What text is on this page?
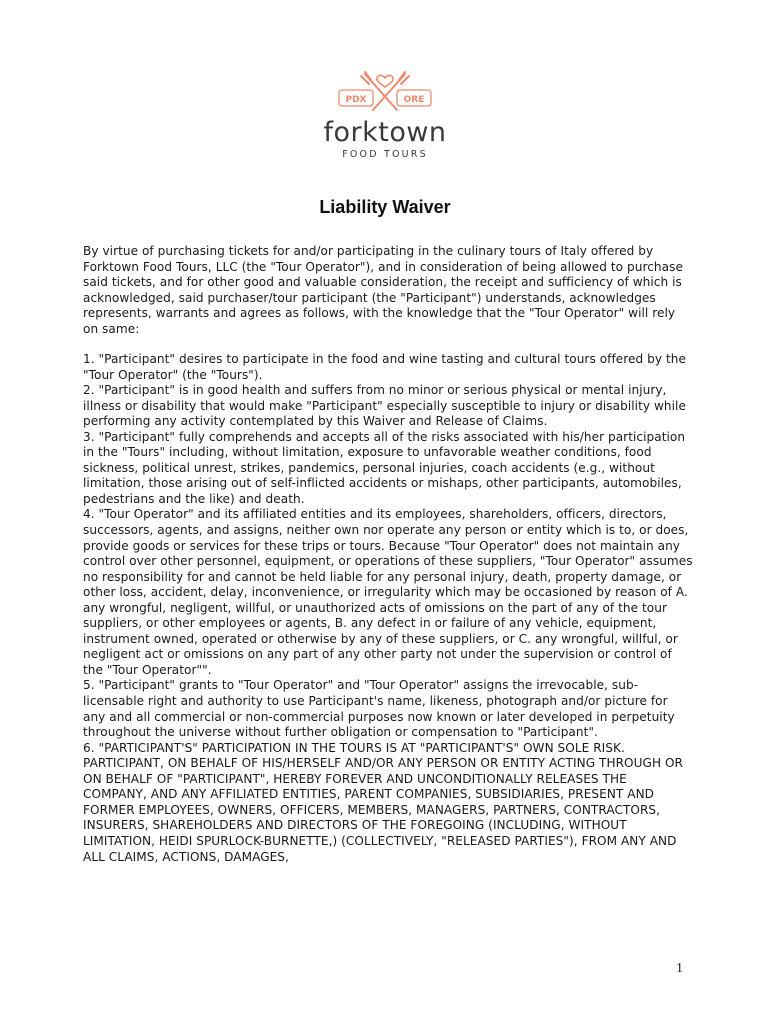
PDX	ORE
forktown
FOOD TOURS
Liability Waiver

By virtue of purchasing tickets for and/or participating in the culinary tours of Italy offered by Forktown Food Tours, LLC (the "Tour Operator"), and in consideration of being allowed to purchase said tickets, and for other good and valuable consideration, the receipt and sufficiency of which is acknowledged, said purchaser/tour participant (the "Participant") understands, acknowledges represents, warrants and agrees as follows, with the knowledge that the "Tour Operator" will rely on same:

1. "Participant" desires to participate in the food and wine tasting and cultural tours offered by the "Tour Operator" (the "Tours").

2. "Participant" is in good health and suffers from no minor or serious physical or mental injury, illness or disability that would make "Participant" especially susceptible to injury or disability while performing any activity contemplated by this Waiver and Release of Claims.

3. "Participant" fully comprehends and accepts all of the risks associated with his/her participation in the "Tours" including, without limitation, exposure to unfavorable weather conditions, food sickness, political unrest, strikes, pandemics, personal injuries, coach accidents (e.g., without limitation, those arising out of self-inflicted accidents or mishaps, other participants, automobiles, pedestrians and the like) and death.

4. "Tour Operator" and its affiliated entities and its employees, shareholders, officers, directors, successors, agents, and assigns, neither own nor operate any person or entity which is to, or does, provide goods or services for these trips or tours. Because "Tour Operator" does not maintain any control over other personnel, equipment, or operations of these suppliers, "Tour Operator" assumes no responsibility for and cannot be held liable for any personal injury, death, property damage, or other loss, accident, delay, inconvenience, or irregularity which may be occasioned by reason of A. any wrongful, negligent, willful, or unauthorized acts of omissions on the part of any of the tour suppliers, or other employees or agents, B. any defect in or failure of any vehicle, equipment, instrument owned, operated or otherwise by any of these suppliers, or C. any wrongful, willful, or negligent act or omissions on any part of any other party not under the supervision or control of the "Tour Operator"".

5. "Participant" grants to "Tour Operator" and "Tour Operator" assigns the irrevocable, sub-licensable right and authority to use Participant's name, likeness, photograph and/or picture for any and all commercial or non-commercial purposes now known or later developed in perpetuity throughout the universe without further obligation or compensation to "Participant".

6. "PARTICIPANT'S" PARTICIPATION IN THE TOURS IS AT "PARTICIPANT'S" OWN SOLE RISK. PARTICIPANT, ON BEHALF OF HIS/HERSELF AND/OR ANY PERSON OR ENTITY ACTING THROUGH OR ON BEHALF OF "PARTICIPANT", HEREBY FOREVER AND UNCONDITIONALLY RELEASES THE COMPANY, AND ANY AFFILIATED ENTITIES, PARENT COMPANIES, SUBSIDIARIES, PRESENT AND FORMER EMPLOYEES, OWNERS, OFFICERS, MEMBERS, MANAGERS, PARTNERS, CONTRACTORS, INSURERS, SHAREHOLDERS AND DIRECTORS OF THE FOREGOING (INCLUDING, WITHOUT LIMITATION, HEIDI SPURLOCK-BURNETTE,) (COLLECTIVELY, "RELEASED PARTIES"), FROM ANY AND ALL CLAIMS, ACTIONS, DAMAGES,

1
